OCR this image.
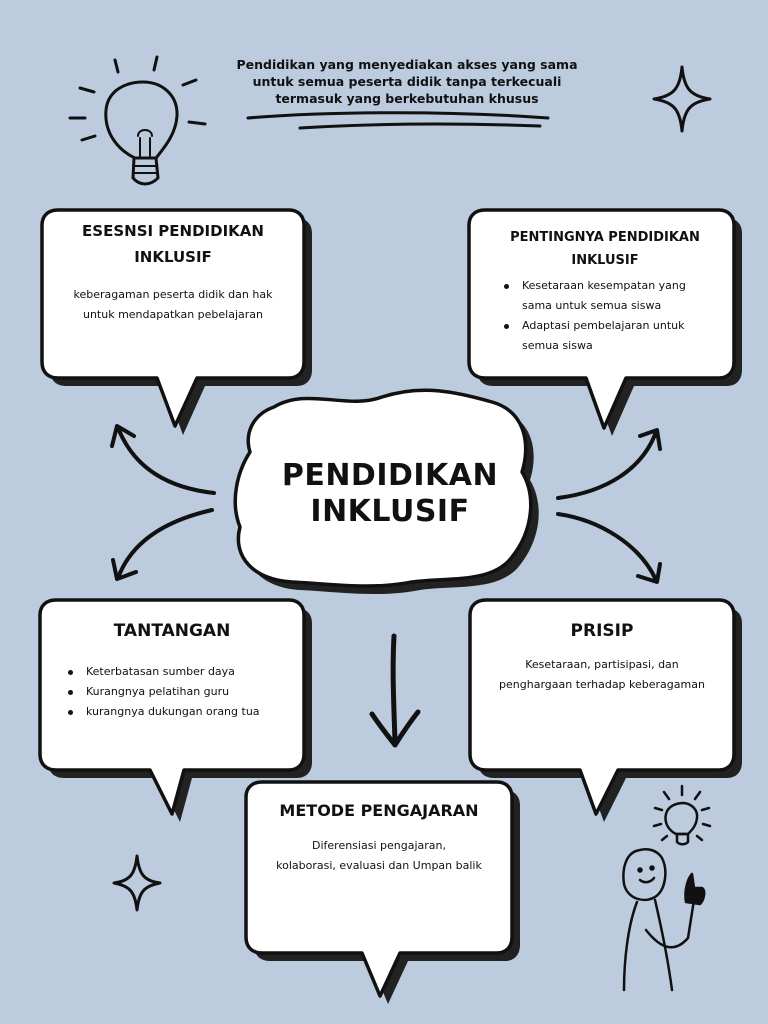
Pendidikan yang menyediakan akses yang sama
untuk semua peserta didik tanpa terkecuali
termasuk yang berkebutuhan khusus
PENDIDIKAN
INKLUSIF
ESESNSI PENDIDIKAN
INKLUSIF
keberagaman peserta didik dan hak
untuk mendapatkan pebelajaran
PENTINGNYA PENDIDIKAN
INKLUSIF
Kesetaraan kesempatan yang
sama untuk semua siswa
Adaptasi pembelajaran untuk
semua siswa
TANTANGAN
Keterbatasan sumber daya
Kurangnya pelatihan guru
kurangnya dukungan orang tua
PRISIP
Kesetaraan, partisipasi, dan
penghargaan terhadap keberagaman
METODE PENGAJARAN
Diferensiasi pengajaran,
kolaborasi, evaluasi dan Umpan balik
